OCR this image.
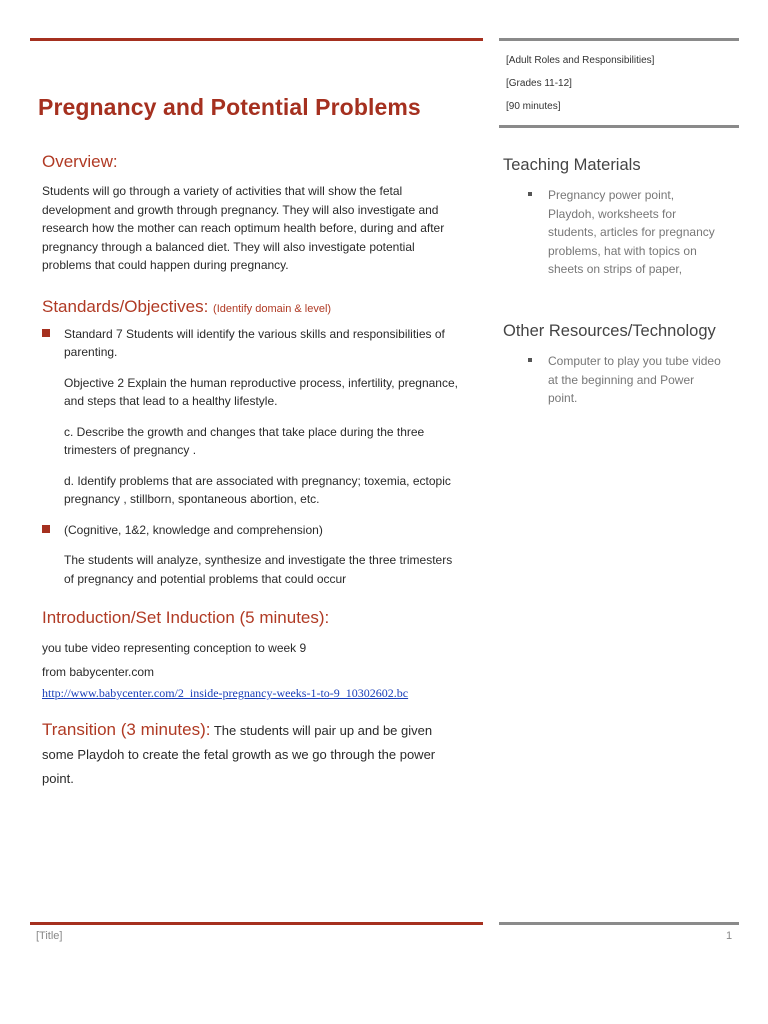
Pregnancy and Potential Problems
[Adult Roles and Responsibilities]
[Grades 11-12]
[90 minutes]
Overview:

Students will go through a variety of activities that will show the fetal development and growth through pregnancy. They will also investigate and research how the mother can reach optimum health before, during and after pregnancy through a balanced diet. They will also investigate potential problems that could happen during pregnancy.

Standards/Objectives: (Identify domain & level)

Standard 7 Students will identify the various skills and responsibilities of parenting.

Objective 2 Explain the human reproductive process, infertility, pregnance, and steps that lead to a healthy lifestyle.

c. Describe the growth and changes that take place during the three trimesters of pregnancy .

d. Identify problems that are associated with pregnancy; toxemia, ectopic pregnancy , stillborn, spontaneous abortion, etc.

(Cognitive, 1&2, knowledge and comprehension)

The students will analyze, synthesize and investigate the three trimesters of pregnancy and potential problems that could occur

Introduction/Set Induction (5 minutes):

you tube video representing conception to week 9

from babycenter.com

http://www.babycenter.com/2_inside-pregnancy-weeks-1-to-9_10302602.bc

Transition (3 minutes): The students will pair up and be given some Playdoh to create the fetal growth as we go through the power point.

Teaching Materials
Pregnancy power point, Playdoh, worksheets for students, articles for pregnancy problems, hat with topics on sheets on strips of paper,
Other Resources/Technology
Computer to play you tube video at the beginning and Power point.
[Title]	1
